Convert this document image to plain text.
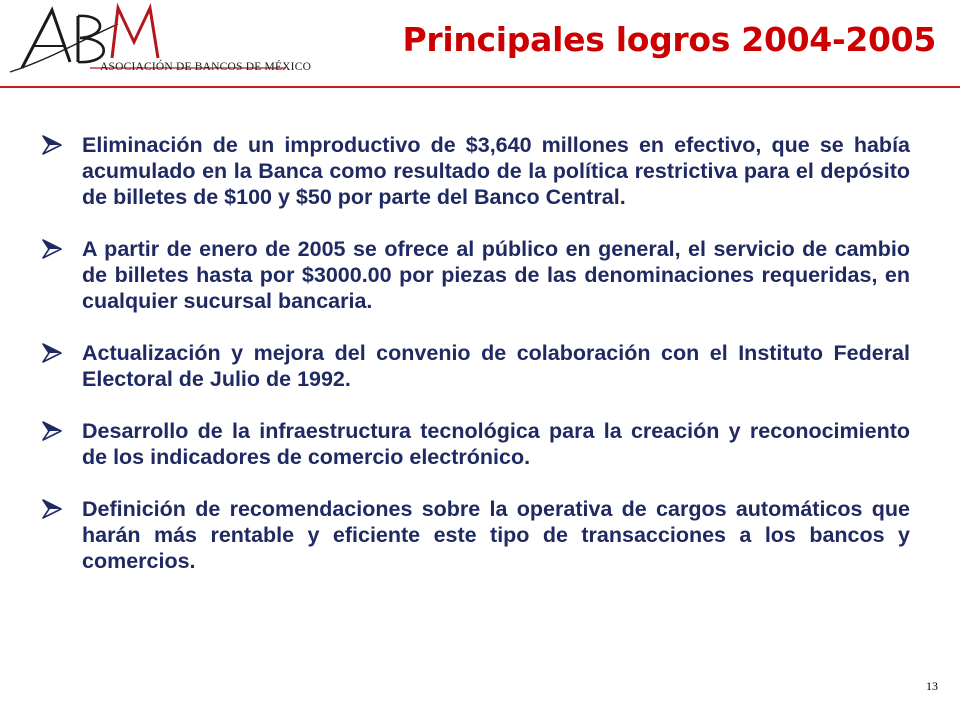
ASOCIACIÓN DE BANCOS DE MÉXICO
Principales logros 2004-2005
Eliminación de un improductivo de $3,640 millones en efectivo, que se había acumulado en la Banca como resultado de la política restrictiva para el depósito de billetes de $100 y $50 por parte del Banco Central.
A partir de enero de 2005 se ofrece al público en general, el servicio de cambio de billetes hasta por $3000.00 por piezas de las denominaciones requeridas, en cualquier sucursal bancaria.
Actualización y mejora del convenio de colaboración con el Instituto Federal Electoral de Julio de 1992.
Desarrollo de la infraestructura tecnológica para la creación y reconocimiento de los indicadores de comercio electrónico.
Definición de recomendaciones sobre la operativa de cargos automáticos que harán más rentable y eficiente este tipo de transacciones a los bancos y comercios.
13
